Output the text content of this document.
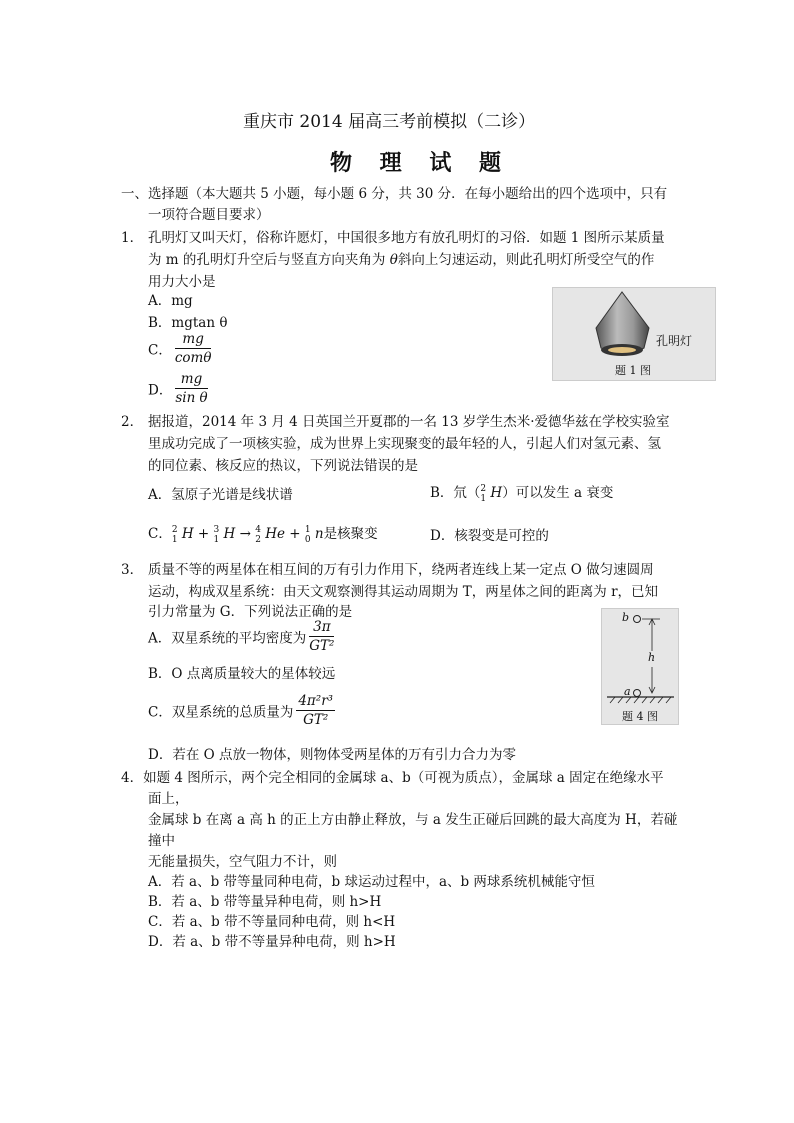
重庆市 2014 届高三考前模拟（二诊）
物 理 试 题
一、选择题（本大题共 5 小题，每小题 6 分，共 30 分．在每小题给出的四个选项中，只有
一项符合题目要求）
1． 孔明灯又叫天灯，俗称许愿灯，中国很多地方有放孔明灯的习俗．如题 1 图所示某质量
为 m 的孔明灯升空后与竖直方向夹角为 θ斜向上匀速运动，则此孔明灯所受空气的作
用力大小是
A．mg
B．mgtan θ
C． $\frac{mg}{\text{comθ}}$
D． $\frac{mg}{\text{sin θ}}$
孔明灯
题 1 图
2． 据报道，2014 年 3 月 4 日英国兰开夏郡的一名 13 岁学生杰米·爱德华兹在学校实验室
里成功完成了一项核实验，成为世界上实现聚变的最年轻的人，引起人们对氢元素、氢
的同位素、核反应的热议，下列说法错误的是
A．氢原子光谱是线状谱	B．氘（ 2
1 H）可以发生 a 衰变
C． 2
1 H + 3
1 H → 4
2 He + 1
0 n是核聚变	D．核裂变是可控的
3． 质量不等的两星体在相互间的万有引力作用下，绕两者连线上某一定点 O 做匀速圆周
运动，构成双星系统：由天文观察测得其运动周期为 T，两星体之间的距离为 r，已知
引力常量为 G．下列说法正确的是
A．双星系统的平均密度为 $\frac{3\pi}{\text{GT²}}$
B．O 点离质量较大的星体较远
C．双星系统的总质量为 $\frac{\text{4π²r³}}{\text{GT²}}$
D．若在 O 点放一物体，则物体受两星体的万有引力合力为零
b
h
a
题 4 图
4．如题 4 图所示，两个完全相同的金属球 a、b（可视为质点），金属球 a 固定在绝缘水平
面上，
金属球 b 在离 a 高 h 的正上方由静止释放，与 a 发生正碰后回跳的最大高度为 H，若碰
撞中
无能量损失，空气阻力不计，则
A．若 a、b 带等量同种电荷，b 球运动过程中，a、b 两球系统机械能守恒
B．若 a、b 带等量异种电荷，则 h>H
C．若 a、b 带不等量同种电荷，则 h<H
D．若 a、b 带不等量异种电荷，则 h>H
